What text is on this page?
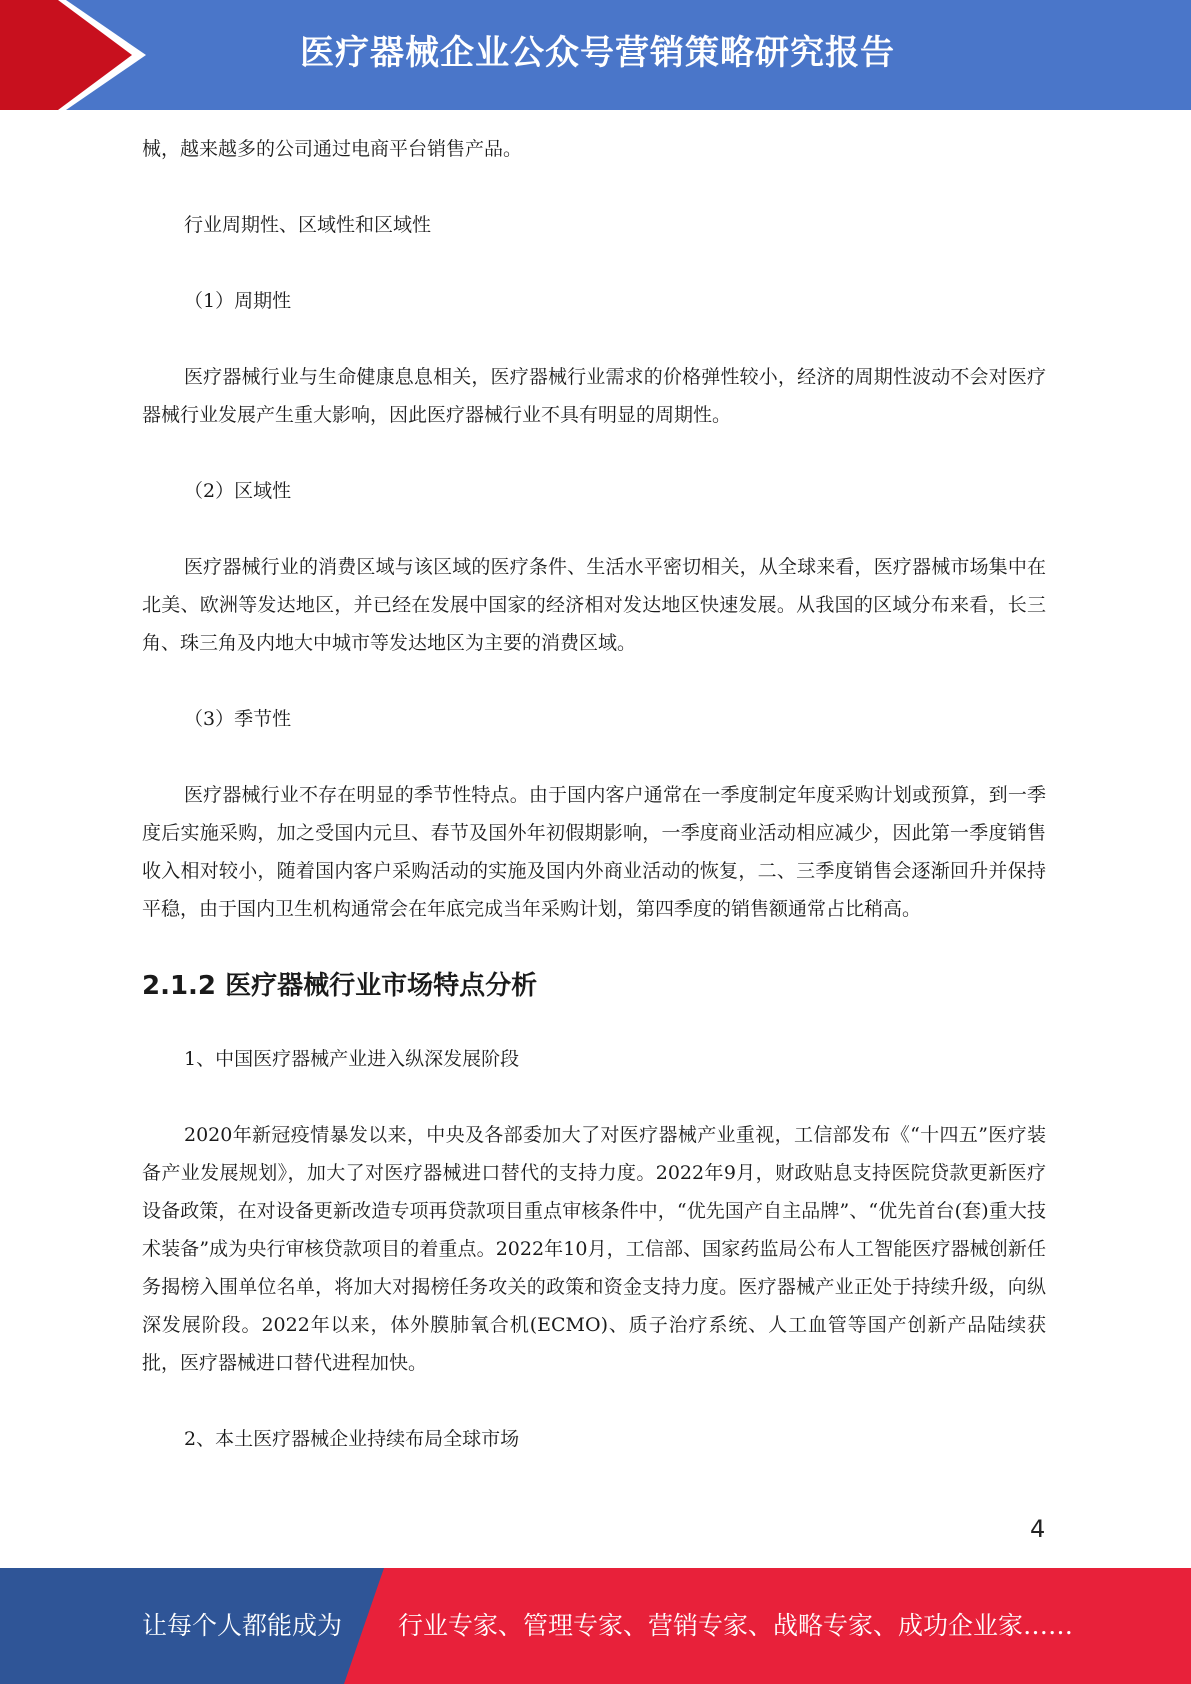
医疗器械企业公众号营销策略研究报告

械，越来越多的公司通过电商平台销售产品。

行业周期性、区域性和区域性

（1）周期性

医疗器械行业与生命健康息息相关，医疗器械行业需求的价格弹性较小，经济的周期性波动不会对医疗器械行业发展产生重大影响，因此医疗器械行业不具有明显的周期性。

（2）区域性

医疗器械行业的消费区域与该区域的医疗条件、生活水平密切相关，从全球来看，医疗器械市场集中在北美、欧洲等发达地区，并已经在发展中国家的经济相对发达地区快速发展。从我国的区域分布来看，长三角、珠三角及内地大中城市等发达地区为主要的消费区域。

（3）季节性

医疗器械行业不存在明显的季节性特点。由于国内客户通常在一季度制定年度采购计划或预算，到一季度后实施采购，加之受国内元旦、春节及国外年初假期影响，一季度商业活动相应减少，因此第一季度销售收入相对较小，随着国内客户采购活动的实施及国内外商业活动的恢复，二、三季度销售会逐渐回升并保持平稳，由于国内卫生机构通常会在年底完成当年采购计划，第四季度的销售额通常占比稍高。

2.1.2 医疗器械行业市场特点分析

1、中国医疗器械产业进入纵深发展阶段

2020年新冠疫情暴发以来，中央及各部委加大了对医疗器械产业重视，工信部发布《“十四五”医疗装备产业发展规划》，加大了对医疗器械进口替代的支持力度。2022年9月，财政贴息支持医院贷款更新医疗设备政策，在对设备更新改造专项再贷款项目重点审核条件中，“优先国产自主品牌”、“优先首台(套)重大技术装备”成为央行审核贷款项目的着重点。2022年10月，工信部、国家药监局公布人工智能医疗器械创新任务揭榜入围单位名单，将加大对揭榜任务攻关的政策和资金支持力度。医疗器械产业正处于持续升级，向纵深发展阶段。2022年以来，体外膜肺氧合机(ECMO)、质子治疗系统、人工血管等国产创新产品陆续获批，医疗器械进口替代进程加快。

2、本土医疗器械企业持续布局全球市场

4
让每个人都能成为 行业专家、管理专家、营销专家、战略专家、成功企业家……
